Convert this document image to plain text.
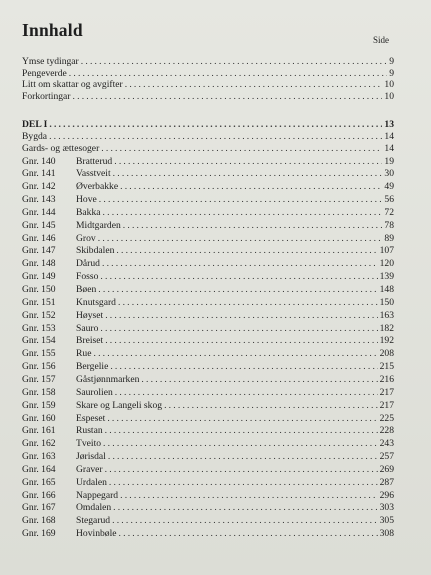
Innhald	Side
Ymse tydingar .....	9
Pengeverde .....	9
Litt om skattar og avgifter .....	10
Forkortingar .....	10
DEL I .....	13
Bygda .....	14
Gards- og ættesoger .....	14
Gnr. 140	Bratterud .....	19
Gnr. 141	Vasstveit .....	30
Gnr. 142	Øverbakke .....	49
Gnr. 143	Hove .....	56
Gnr. 144	Bakka .....	72
Gnr. 145	Midtgarden .....	78
Gnr. 146	Grov .....	89
Gnr. 147	Skibdalen .....	107
Gnr. 148	Dårud .....	120
Gnr. 149	Fosso .....	139
Gnr. 150	Bøen .....	148
Gnr. 151	Knutsgard .....	150
Gnr. 152	Høyset .....	163
Gnr. 153	Sauro .....	182
Gnr. 154	Breiset .....	192
Gnr. 155	Rue .....	208
Gnr. 156	Bergelie .....	215
Gnr. 157	Gåstjønnmarken .....	216
Gnr. 158	Saurolien .....	217
Gnr. 159	Skare og Langeli skog .....	217
Gnr. 160	Espeset .....	225
Gnr. 161	Rustan .....	228
Gnr. 162	Tveito .....	243
Gnr. 163	Jørisdal .....	257
Gnr. 164	Graver .....	269
Gnr. 165	Urdalen .....	287
Gnr. 166	Nappegard .....	296
Gnr. 167	Omdalen .....	303
Gnr. 168	Stegarud .....	305
Gnr. 169	Hovinbøle .....	308
